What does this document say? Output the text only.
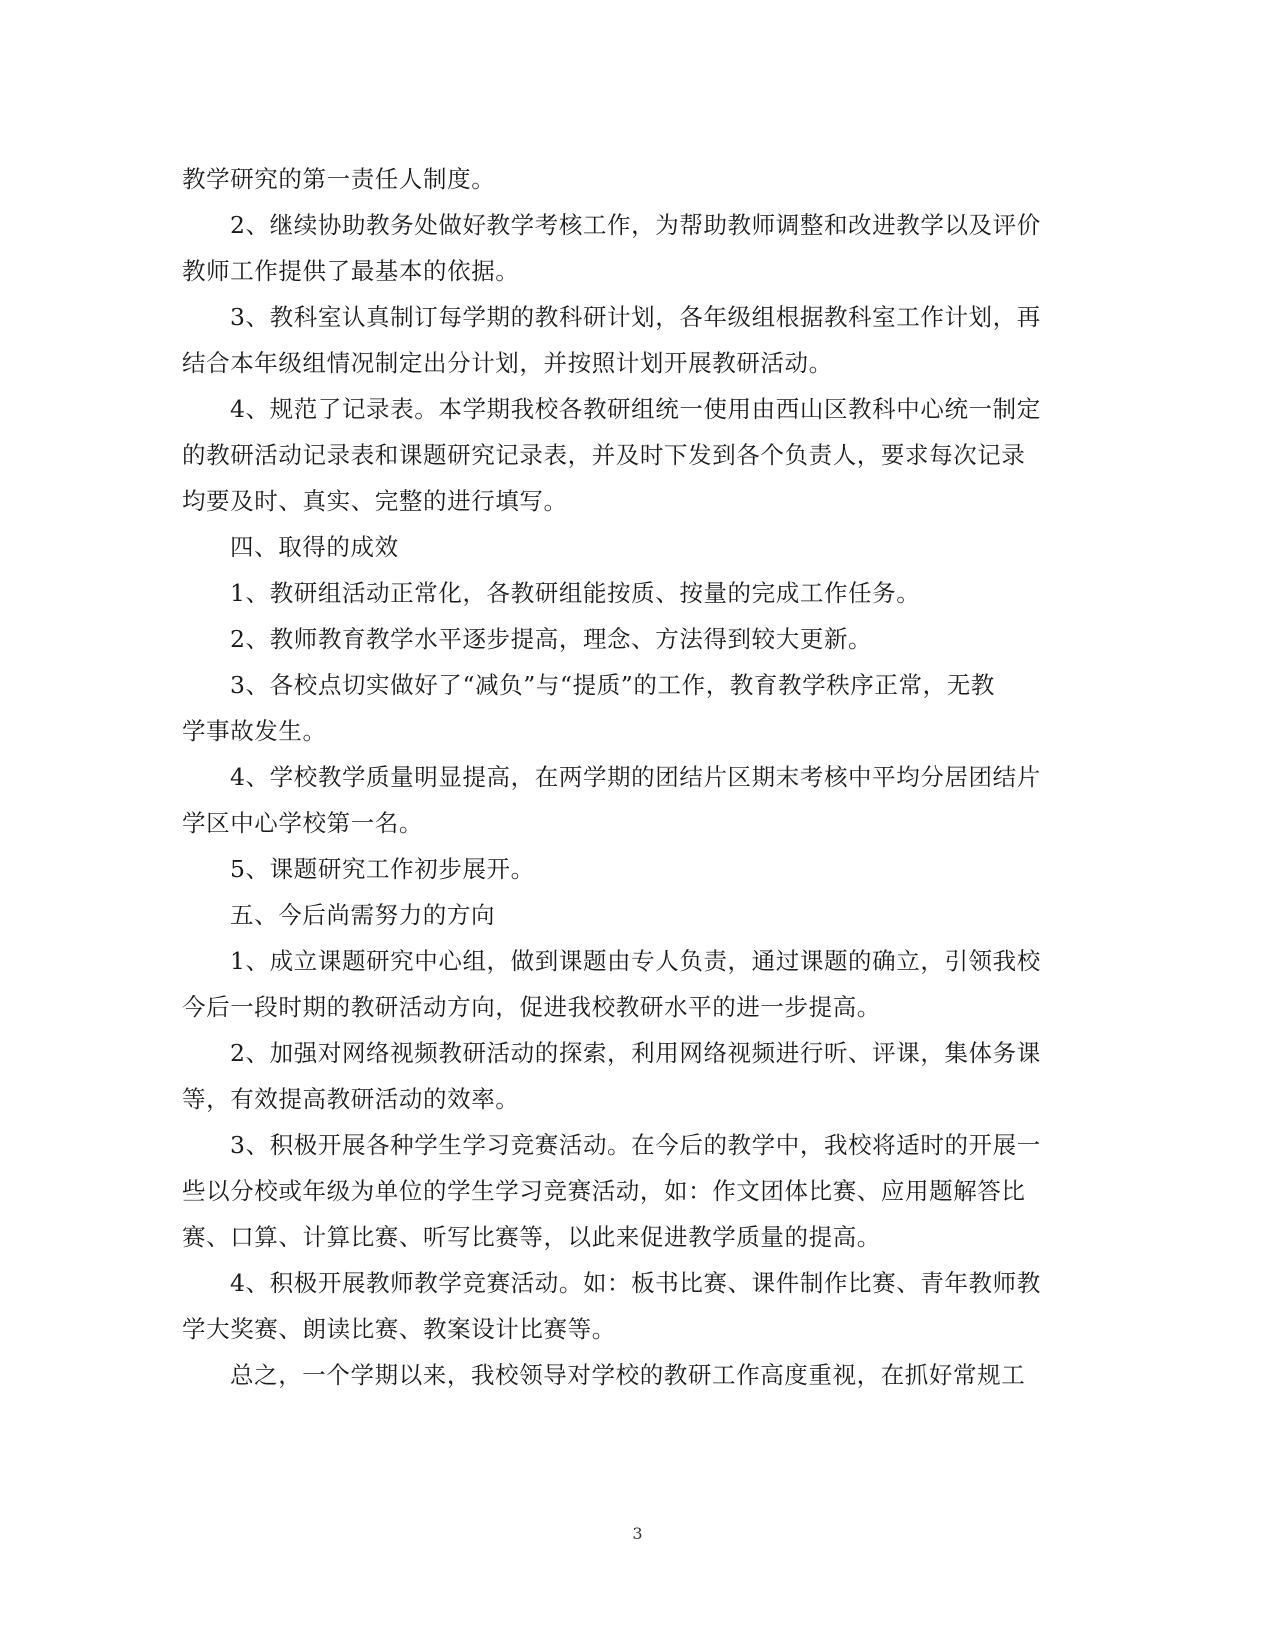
教学研究的第一责任人制度。
2、继续协助教务处做好教学考核工作，为帮助教师调整和改进教学以及评价
教师工作提供了最基本的依据。
3、教科室认真制订每学期的教科研计划，各年级组根据教科室工作计划，再
结合本年级组情况制定出分计划，并按照计划开展教研活动。
4、规范了记录表。本学期我校各教研组统一使用由西山区教科中心统一制定
的教研活动记录表和课题研究记录表，并及时下发到各个负责人，要求每次记录
均要及时、真实、完整的进行填写。
四、取得的成效
1、教研组活动正常化，各教研组能按质、按量的完成工作任务。
2、教师教育教学水平逐步提高，理念、方法得到较大更新。
3、各校点切实做好了“减负”与“提质”的工作，教育教学秩序正常，无教
学事故发生。
4、学校教学质量明显提高，在两学期的团结片区期末考核中平均分居团结片
学区中心学校第一名。
5、课题研究工作初步展开。
五、今后尚需努力的方向
1、成立课题研究中心组，做到课题由专人负责，通过课题的确立，引领我校
今后一段时期的教研活动方向，促进我校教研水平的进一步提高。
2、加强对网络视频教研活动的探索，利用网络视频进行听、评课，集体务课
等，有效提高教研活动的效率。
3、积极开展各种学生学习竞赛活动。在今后的教学中，我校将适时的开展一
些以分校或年级为单位的学生学习竞赛活动，如：作文团体比赛、应用题解答比
赛、口算、计算比赛、听写比赛等，以此来促进教学质量的提高。
4、积极开展教师教学竞赛活动。如：板书比赛、课件制作比赛、青年教师教
学大奖赛、朗读比赛、教案设计比赛等。
总之，一个学期以来，我校领导对学校的教研工作高度重视，在抓好常规工
3
